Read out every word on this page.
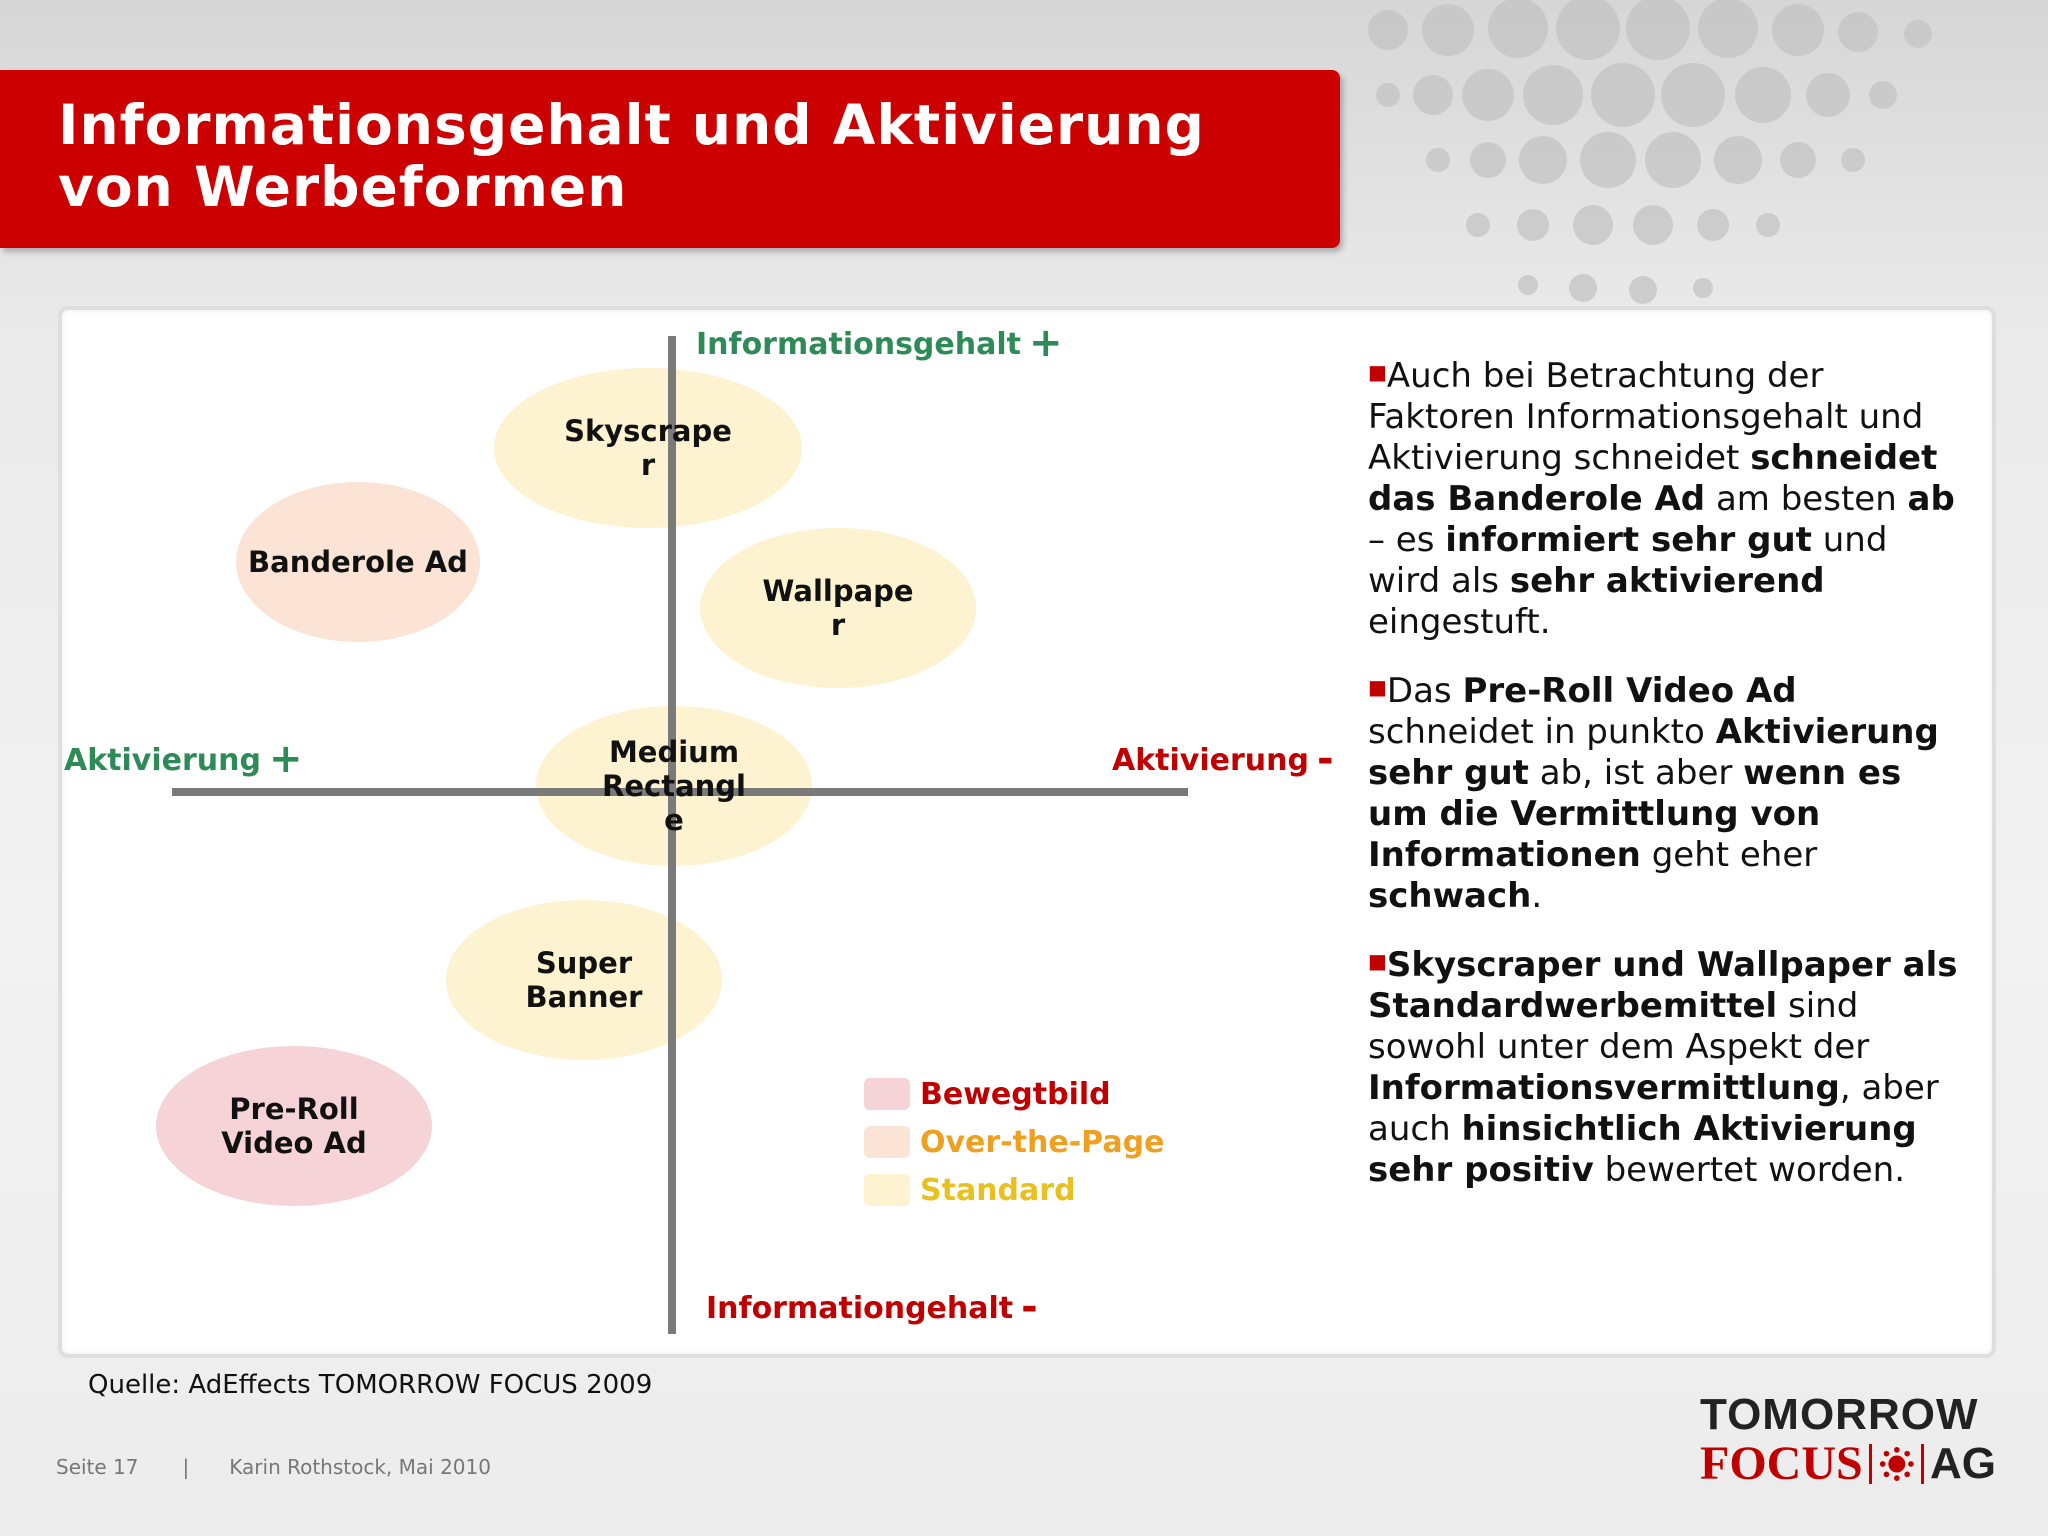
Informationsgehalt und Aktivierung von Werbeformen
Informationsgehalt +
Informationgehalt -
Aktivierung +	Aktivierung -
Skyscrape
r
Banderole Ad
Wallpape
r
Medium
Rectangl
e
Super
Banner
Pre-Roll
Video Ad
Bewegtbild
Over-the-Page
Standard

■Auch bei Betrachtung der Faktoren Informationsgehalt und Aktivierung schneidet schneidet das Banderole Ad am besten ab – es informiert sehr gut und wird als sehr aktivierend eingestuft.

■Das Pre-Roll Video Ad schneidet in punkto Aktivierung sehr gut ab, ist aber wenn es um die Vermittlung von Informationen geht eher schwach.

■Skyscraper und Wallpaper als Standardwerbemittel sind sowohl unter dem Aspekt der Informationsvermittlung, aber auch hinsichtlich Aktivierung sehr positiv bewertet worden.

Quelle: AdEffects TOMORROW FOCUS 2009
Seite 17 | Karin Rothstock, Mai 2010
TOMORROW
FOCUS AG
